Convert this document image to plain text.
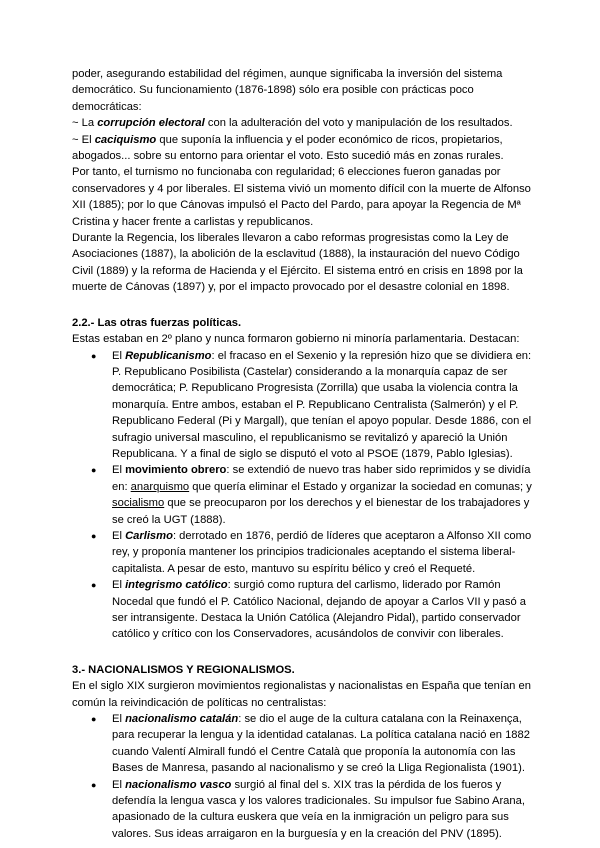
poder, asegurando estabilidad del régimen, aunque significaba la inversión del sistema democrático. Su funcionamiento (1876-1898) sólo era posible con prácticas poco democráticas:

~ La corrupción electoral con la adulteración del voto y manipulación de los resultados.

~ El caciquismo que suponía la influencia y el poder económico de ricos, propietarios, abogados... sobre su entorno para orientar el voto. Esto sucedió más en zonas rurales.

Por tanto, el turnismo no funcionaba con regularidad; 6 elecciones fueron ganadas por conservadores y 4 por liberales. El sistema vivió un momento difícil con la muerte de Alfonso XII (1885); por lo que Cánovas impulsó el Pacto del Pardo, para apoyar la Regencia de Mª Cristina y hacer frente a carlistas y republicanos.

Durante la Regencia, los liberales llevaron a cabo reformas progresistas como la Ley de Asociaciones (1887), la abolición de la esclavitud (1888), la instauración del nuevo Código Civil (1889) y la reforma de Hacienda y el Ejército. El sistema entró en crisis en 1898 por la muerte de Cánovas (1897) y, por el impacto provocado por el desastre colonial en 1898.

2.2.- Las otras fuerzas políticas.

Estas estaban en 2º plano y nunca formaron gobierno ni minoría parlamentaria. Destacan:

● El Republicanismo: el fracaso en el Sexenio y la represión hizo que se dividiera en: P. Republicano Posibilista (Castelar) considerando a la monarquía capaz de ser democrática; P. Republicano Progresista (Zorrilla) que usaba la violencia contra la monarquía. Entre ambos, estaban el P. Republicano Centralista (Salmerón) y el P. Republicano Federal (Pi y Margall), que tenían el apoyo popular. Desde 1886, con el sufragio universal masculino, el republicanismo se revitalizó y apareció la Unión Republicana. Y a final de siglo se disputó el voto al PSOE (1879, Pablo Iglesias).
● El movimiento obrero: se extendió de nuevo tras haber sido reprimidos y se dividía en: anarquismo que quería eliminar el Estado y organizar la sociedad en comunas; y socialismo que se preocuparon por los derechos y el bienestar de los trabajadores y se creó la UGT (1888).
● El Carlismo: derrotado en 1876, perdió de líderes que aceptaron a Alfonso XII como rey, y proponía mantener los principios tradicionales aceptando el sistema liberal-capitalista. A pesar de esto, mantuvo su espíritu bélico y creó el Requeté.
● El integrismo católico: surgió como ruptura del carlismo, liderado por Ramón Nocedal que fundó el P. Católico Nacional, dejando de apoyar a Carlos VII y pasó a ser intransigente. Destaca la Unión Católica (Alejandro Pidal), partido conservador católico y crítico con los Conservadores, acusándolos de convivir con liberales.

3.- NACIONALISMOS Y REGIONALISMOS.

En el siglo XIX surgieron movimientos regionalistas y nacionalistas en España que tenían en común la reivindicación de políticas no centralistas:

● El nacionalismo catalán: se dio el auge de la cultura catalana con la Reinaxença, para recuperar la lengua y la identidad catalanas. La política catalana nació en 1882 cuando Valentí Almirall fundó el Centre Català que proponía la autonomía con las Bases de Manresa, pasando al nacionalismo y se creó la Lliga Regionalista (1901).
● El nacionalismo vasco surgió al final del s. XIX tras la pérdida de los fueros y defendía la lengua vasca y los valores tradicionales. Su impulsor fue Sabino Arana, apasionado de la cultura euskera que veía en la inmigración un peligro para sus valores. Sus ideas arraigaron en la burguesía y en la creación del PNV (1895).
